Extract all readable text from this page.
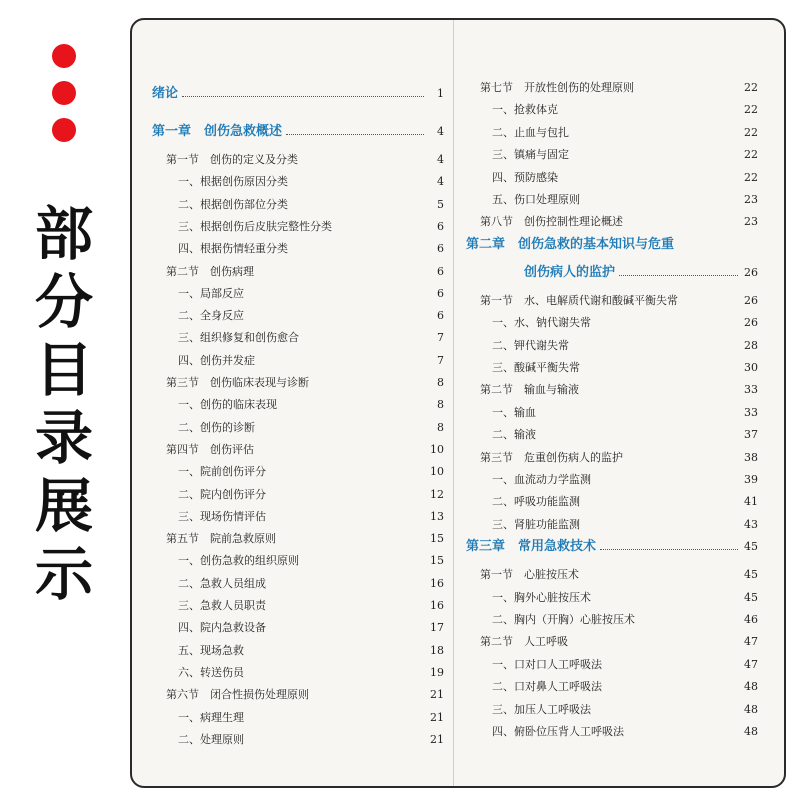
部
分
目
录
展
示
绪论	1
第一章　创伤急救概述	4
第一节　创伤的定义及分类	4
一、根据创伤原因分类	4
二、根据创伤部位分类	5
三、根据创伤后皮肤完整性分类	6
四、根据伤情轻重分类	6
第二节　创伤病理	6
一、局部反应	6
二、全身反应	6
三、组织修复和创伤愈合	7
四、创伤并发症	7
第三节　创伤临床表现与诊断	8
一、创伤的临床表现	8
二、创伤的诊断	8
第四节　创伤评估	10
一、院前创伤评分	10
二、院内创伤评分	12
三、现场伤情评估	13
第五节　院前急救原则	15
一、创伤急救的组织原则	15
二、急救人员组成	16
三、急救人员职责	16
四、院内急救设备	17
五、现场急救	18
六、转送伤员	19
第六节　闭合性损伤处理原则	21
一、病理生理	21
二、处理原则	21
第七节　开放性创伤的处理原则	22
一、抢救体克	22
二、止血与包扎	22
三、镇痛与固定	22
四、预防感染	22
五、伤口处理原则	23
第八节　创伤控制性理论概述	23
第二章　创伤急救的基本知识与危重
创伤病人的监护	26
第一节　水、电解质代谢和酸碱平衡失常	26
一、水、钠代谢失常	26
二、钾代谢失常	28
三、酸碱平衡失常	30
第二节　输血与输液	33
一、输血	33
二、输液	37
第三节　危重创伤病人的监护	38
一、血流动力学监测	39
二、呼吸功能监测	41
三、肾脏功能监测	43
第三章　常用急救技术	45
第一节　心脏按压术	45
一、胸外心脏按压术	45
二、胸内（开胸）心脏按压术	46
第二节　人工呼吸	47
一、口对口人工呼吸法	47
二、口对鼻人工呼吸法	48
三、加压人工呼吸法	48
四、俯卧位压背人工呼吸法	48
